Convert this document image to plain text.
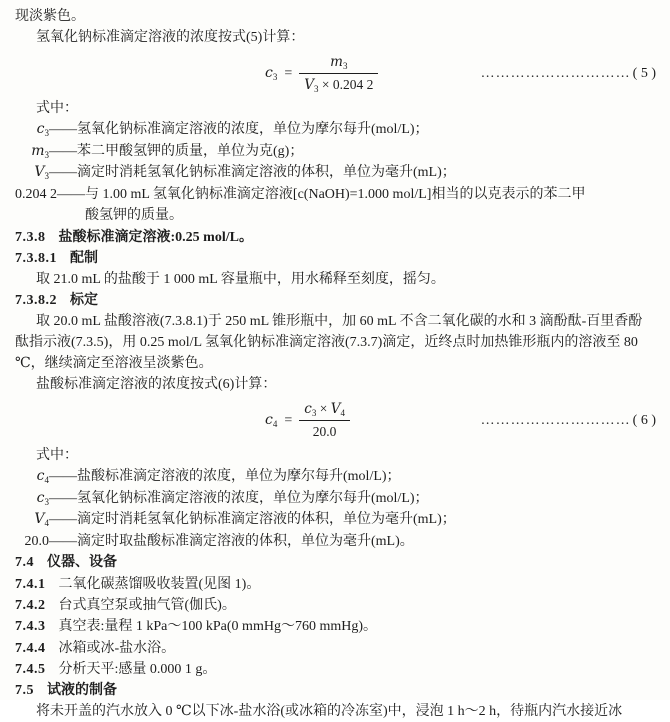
现淡紫色。

氢氧化钠标准滴定溶液的浓度按式(5)计算：

$c_3 = \frac{m_3}{V_3 \times 0.204 2}$	………………………… ( 5 )

式中：

$c_3——$ 氢氧化钠标准滴定溶液的浓度，单位为摩尔每升(mol/L)；
$m_3——$ 苯二甲酸氢钾的质量，单位为克(g)；
$V_3——$ 滴定时消耗氢氧化钠标准滴定溶液的体积，单位为毫升(mL)；
0.204 2—— 与 1.00 mL 氢氧化钠标准滴定溶液[c(NaOH)=1.000 mol/L]相当的以克表示的苯二甲
酸氢钾的质量。
7.3.8 盐酸标准滴定溶液:0.25 mol/L。
7.3.8.1 配制

取 21.0 mL 的盐酸于 1 000 mL 容量瓶中，用水稀释至刻度，摇匀。

7.3.8.2 标定

取 20.0 mL 盐酸溶液(7.3.8.1)于 250 mL 锥形瓶中，加 60 mL 不含二氧化碳的水和 3 滴酚酞-百里香酚酞指示液(7.3.5)，用 0.25 mol/L 氢氧化钠标准滴定溶液(7.3.7)滴定，近终点时加热锥形瓶内的溶液至 80 ℃，继续滴定至溶液呈淡紫色。

盐酸标准滴定溶液的浓度按式(6)计算：

$c_4 = \frac{c_3 \times V_4}{20.0}$	………………………… ( 6 )

式中：

$c_4——$ 盐酸标准滴定溶液的浓度，单位为摩尔每升(mol/L)；
$c_3——$ 氢氧化钠标准滴定溶液的浓度，单位为摩尔每升(mol/L)；
$V_4——$ 滴定时消耗氢氧化钠标准滴定溶液的体积，单位为毫升(mL)；
20.0—— 滴定时取盐酸标准滴定溶液的体积，单位为毫升(mL)。
7.4 仪器、设备
7.4.1 二氧化碳蒸馏吸收装置(见图 1)。
7.4.2 台式真空泵或抽气管(伽氏)。
7.4.3 真空表:量程 1 kPa～100 kPa(0 mmHg～760 mmHg)。
7.4.4 冰箱或冰-盐水浴。
7.4.5 分析天平:感量 0.000 1 g。
7.5 试液的制备

将未开盖的汽水放入 0 ℃以下冰-盐水浴(或冰箱的冷冻室)中，浸泡 1 h～2 h，待瓶内汽水接近冰
